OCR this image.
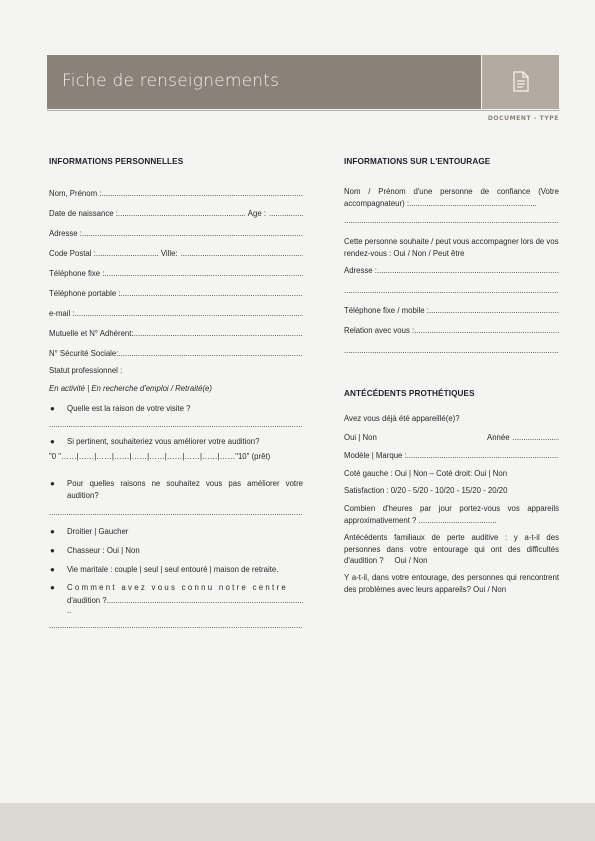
Fiche de renseignements
DOCUMENT - TYPE
INFORMATIONS PERSONNELLES
Nom, Prénom :
.....
Date de naissance : .....	Age :
.....
Adresse :
.....
Code Postal : .....	Ville:
.....
Téléphone fixe :
.....
Téléphone portable :
.....
e-mail :
.....
Mutuelle et N° Adhérent:
.....
N° Sécurité Sociale:
.....
Statut professionnel :
En activité | En recherche d'emploi / Retraité(e)
● Quelle est la raison de votre visite ?
.....
● Si pertinent, souhaiteriez vous améliorer votre audition?
"0 "……|……|……|……|……|……|……|……|……|……"10" (prêt)
● Pour quelles raisons ne souhaitez vous pas améliorer votre audition?
.....
● Droitier | Gaucher
● Chasseur : Oui | Non
● Vie maritale : couple | seul | seul entouré | maison de retraite.
● Comment avez vous connu notre centre
d'audition ?
.....
..
.....
INFORMATIONS SUR L'ENTOURAGE
Nom / Prénom d'une personne de confiance (Votre accompagnateur) :...........................................................
.....
Cette personne souhaite / peut vous accompagner lors de vos rendez-vous : Oui / Non / Peut être
Adresse :
.....
.....
Téléphone fixe / mobile :
.....
Relation avec vous :
.....
.....
ANTÉCÉDENTS PROTHÉTIQUES
Avez vous déjà été appareillé(e)?
Oui | Non	Année
.....
Modèle | Marque :
.....
Coté gauche : Oui | Non – Coté droit: Oui | Non
Satisfaction : 0/20 - 5/20 - 10/20 - 15/20 - 20/20
Combien d'heures par jour portez-vous vos appareils approximativement ? ....................................
Antécédents familiaux de perte auditive : y a-t-il des personnes dans votre entourage qui ont des difficultés d'audition ? Oui / Non
Y a-t-il, dans votre entourage, des personnes qui rencontrent des problèmes avec leurs appareils? Oui / Non
